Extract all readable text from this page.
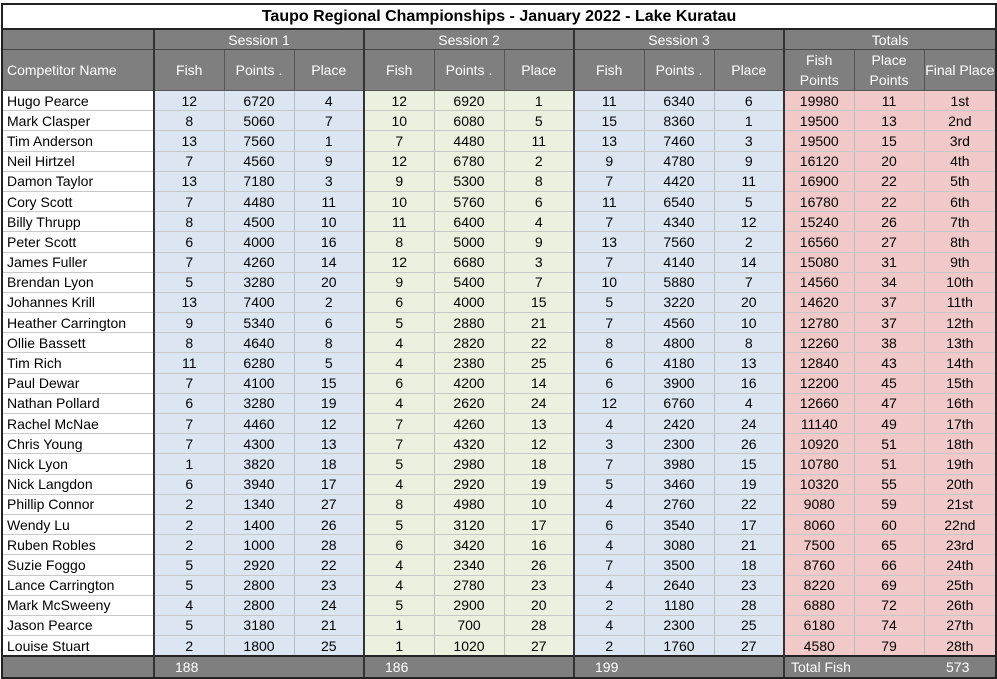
Taupo Regional Championships - January 2022 - Lake Kuratau												
	Session 1			Session 2			Session 3			Totals		
Competitor Name	Fish	Points .	Place	Fish	Points .	Place	Fish	Points .	Place	Fish Points	Place Points	Final Place
Hugo Pearce	12	6720	4	12	6920	1	11	6340	6	19980	11	1st
Mark Clasper	8	5060	7	10	6080	5	15	8360	1	19500	13	2nd
Tim Anderson	13	7560	1	7	4480	11	13	7460	3	19500	15	3rd
Neil Hirtzel	7	4560	9	12	6780	2	9	4780	9	16120	20	4th
Damon Taylor	13	7180	3	9	5300	8	7	4420	11	16900	22	5th
Cory Scott	7	4480	11	10	5760	6	11	6540	5	16780	22	6th
Billy Thrupp	8	4500	10	11	6400	4	7	4340	12	15240	26	7th
Peter Scott	6	4000	16	8	5000	9	13	7560	2	16560	27	8th
James Fuller	7	4260	14	12	6680	3	7	4140	14	15080	31	9th
Brendan Lyon	5	3280	20	9	5400	7	10	5880	7	14560	34	10th
Johannes Krill	13	7400	2	6	4000	15	5	3220	20	14620	37	11th
Heather Carrington	9	5340	6	5	2880	21	7	4560	10	12780	37	12th
Ollie Bassett	8	4640	8	4	2820	22	8	4800	8	12260	38	13th
Tim Rich	11	6280	5	4	2380	25	6	4180	13	12840	43	14th
Paul Dewar	7	4100	15	6	4200	14	6	3900	16	12200	45	15th
Nathan Pollard	6	3280	19	4	2620	24	12	6760	4	12660	47	16th
Rachel McNae	7	4460	12	7	4260	13	4	2420	24	11140	49	17th
Chris Young	7	4300	13	7	4320	12	3	2300	26	10920	51	18th
Nick Lyon	1	3820	18	5	2980	18	7	3980	15	10780	51	19th
Nick Langdon	6	3940	17	4	2920	19	5	3460	19	10320	55	20th
Phillip Connor	2	1340	27	8	4980	10	4	2760	22	9080	59	21st
Wendy Lu	2	1400	26	5	3120	17	6	3540	17	8060	60	22nd
Ruben Robles	2	1000	28	6	3420	16	4	3080	21	7500	65	23rd
Suzie Foggo	5	2920	22	4	2340	26	7	3500	18	8760	66	24th
Lance Carrington	5	2800	23	4	2780	23	4	2640	23	8220	69	25th
Mark McSweeny	4	2800	24	5	2900	20	2	1180	28	6880	72	26th
Jason Pearce	5	3180	21	1	700	28	4	2300	25	6180	74	27th
Louise Stuart	2	1800	25	1	1020	27	2	1760	27	4580	79	28th
	188			186			199			Total Fish		573
